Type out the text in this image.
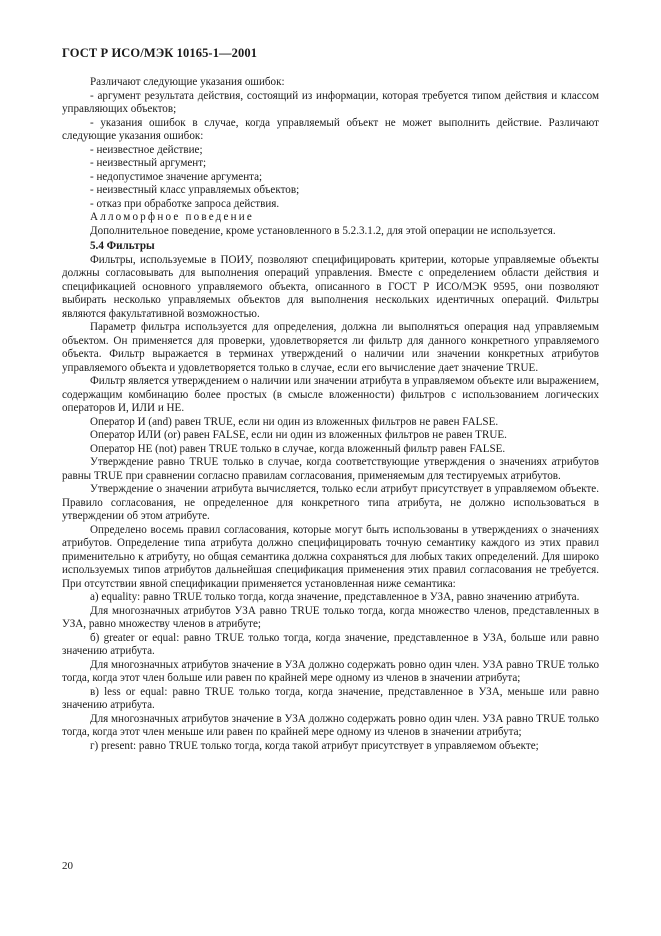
ГОСТ Р ИСО/МЭК 10165-1—2001

Различают следующие указания ошибок:

- аргумент результата действия, состоящий из информации, которая требуется типом действия и классом управляющих объектов;

- указания ошибок в случае, когда управляемый объект не может выполнить действие. Различают следующие указания ошибок:

- неизвестное действие;

- неизвестный аргумент;

- недопустимое значение аргумента;

- неизвестный класс управляемых объектов;

- отказ при обработке запроса действия.

Алломорфное поведение

Дополнительное поведение, кроме установленного в 5.2.3.1.2, для этой операции не используется.

5.4 Фильтры

Фильтры, используемые в ПОИУ, позволяют специфицировать критерии, которые управляемые объекты должны согласовывать для выполнения операций управления. Вместе с определением области действия и спецификацией основного управляемого объекта, описанного в ГОСТ Р ИСО/МЭК 9595, они позволяют выбирать несколько управляемых объектов для выполнения нескольких идентичных операций. Фильтры являются факультативной возможностью.

Параметр фильтра используется для определения, должна ли выполняться операция над управляемым объектом. Он применяется для проверки, удовлетворяется ли фильтр для данного конкретного управляемого объекта. Фильтр выражается в терминах утверждений о наличии или значении конкретных атрибутов управляемого объекта и удовлетворяется только в случае, если его вычисление дает значение TRUE.

Фильтр является утверждением о наличии или значении атрибута в управляемом объекте или выражением, содержащим комбинацию более простых (в смысле вложенности) фильтров с использованием логических операторов И, ИЛИ и НЕ.

Оператор И (and) равен TRUE, если ни один из вложенных фильтров не равен FALSE.

Оператор ИЛИ (or) равен FALSE, если ни один из вложенных фильтров не равен TRUE.

Оператор НЕ (not) равен TRUE только в случае, когда вложенный фильтр равен FALSE.

Утверждение равно TRUE только в случае, когда соответствующие утверждения о значениях атрибутов равны TRUE при сравнении согласно правилам согласования, применяемым для тестируемых атрибутов.

Утверждение о значении атрибута вычисляется, только если атрибут присутствует в управляемом объекте. Правило согласования, не определенное для конкретного типа атрибута, не должно использоваться в утверждении об этом атрибуте.

Определено восемь правил согласования, которые могут быть использованы в утверждениях о значениях атрибутов. Определение типа атрибута должно специфицировать точную семантику каждого из этих правил применительно к атрибуту, но общая семантика должна сохраняться для любых таких определений. Для широко используемых типов атрибутов дальнейшая спецификация применения этих правил согласования не требуется. При отсутствии явной спецификации применяется установленная ниже семантика:

а) equality: равно TRUE только тогда, когда значение, представленное в УЗА, равно значению атрибута.

Для многозначных атрибутов УЗА равно TRUE только тогда, когда множество членов, представленных в УЗА, равно множеству членов в атрибуте;

б) greater or equal: равно TRUE только тогда, когда значение, представленное в УЗА, больше или равно значению атрибута.

Для многозначных атрибутов значение в УЗА должно содержать ровно один член. УЗА равно TRUE только тогда, когда этот член больше или равен по крайней мере одному из членов в значении атрибута;

в) less or equal: равно TRUE только тогда, когда значение, представленное в УЗА, меньше или равно значению атрибута.

Для многозначных атрибутов значение в УЗА должно содержать ровно один член. УЗА равно TRUE только тогда, когда этот член меньше или равен по крайней мере одному из членов в значении атрибута;

г) present: равно TRUE только тогда, когда такой атрибут присутствует в управляемом объекте;

20
